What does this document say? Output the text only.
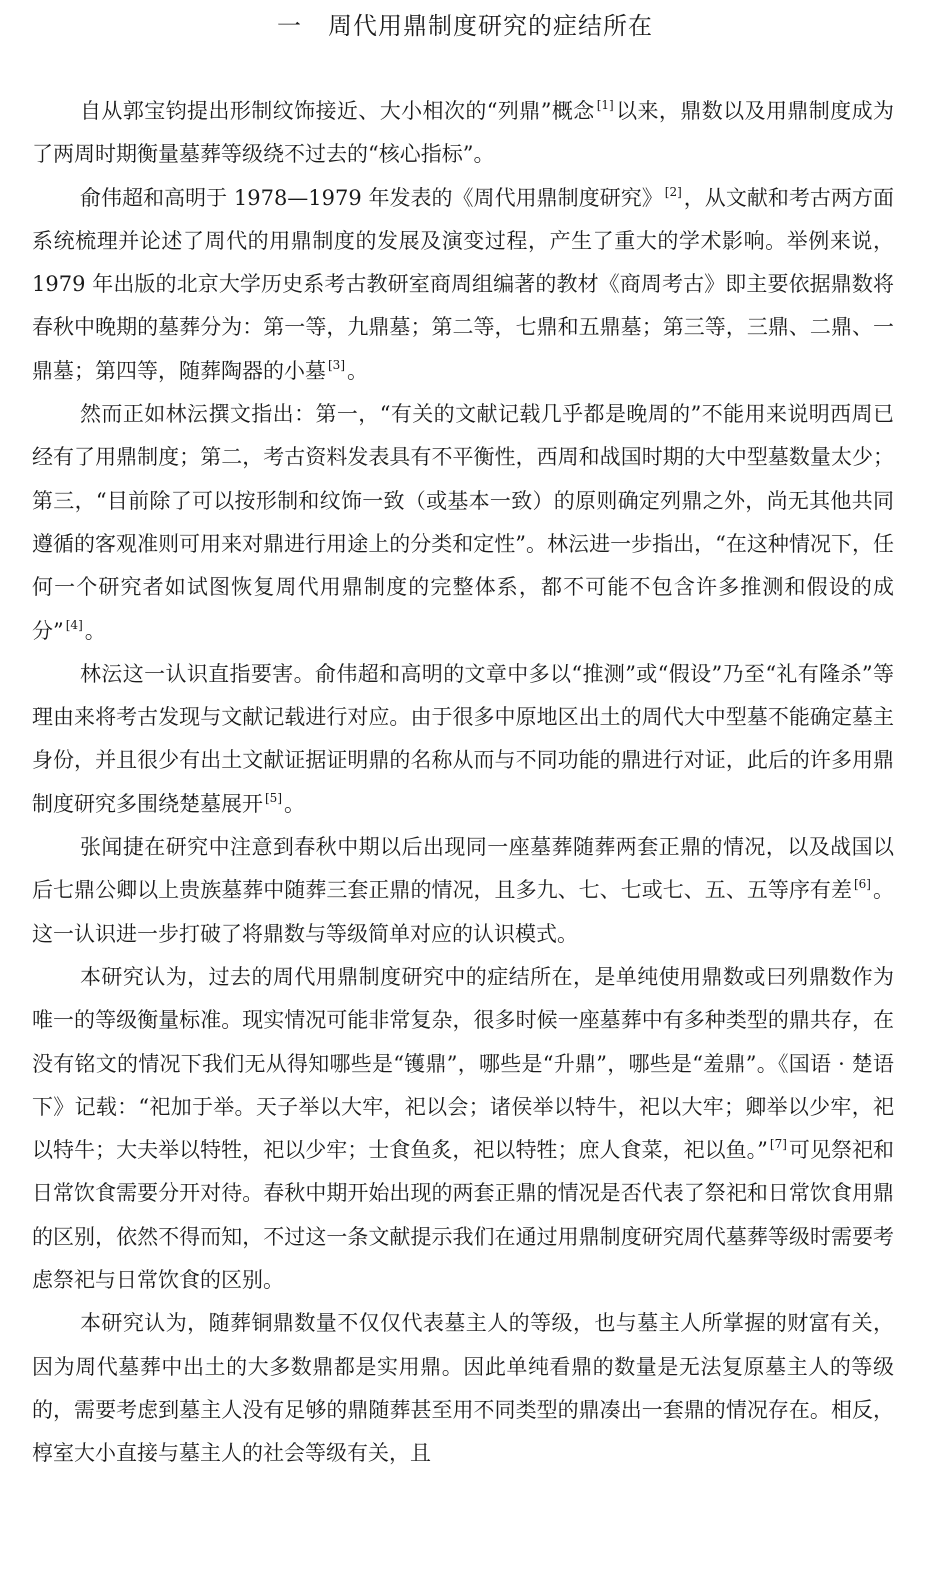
一 周代用鼎制度研究的症结所在

自从郭宝钧提出形制纹饰接近、大小相次的“列鼎”概念 [1]以来，鼎数以及用鼎制度成为了两周时期衡量墓葬等级绕不过去的“核心指标”。

俞伟超和高明于 1978—1979 年发表的《周代用鼎制度研究》 [2]，从文献和考古两方面系统梳理并论述了周代的用鼎制度的发展及演变过程，产生了重大的学术影响。举例来说，1979 年出版的北京大学历史系考古教研室商周组编著的教材《商周考古》即主要依据鼎数将春秋中晚期的墓葬分为：第一等，九鼎墓；第二等，七鼎和五鼎墓；第三等，三鼎、二鼎、一鼎墓；第四等，随葬陶器的小墓 [3]。

然而正如林沄撰文指出：第一，“有关的文献记载几乎都是晚周的”不能用来说明西周已经有了用鼎制度；第二，考古资料发表具有不平衡性，西周和战国时期的大中型墓数量太少；第三，“目前除了可以按形制和纹饰一致（或基本一致）的原则确定列鼎之外，尚无其他共同遵循的客观准则可用来对鼎进行用途上的分类和定性”。林沄进一步指出，“在这种情况下，任何一个研究者如试图恢复周代用鼎制度的完整体系，都不可能不包含许多推测和假设的成分” [4]。

林沄这一认识直指要害。俞伟超和高明的文章中多以“推测”或“假设”乃至“礼有隆杀”等理由来将考古发现与文献记载进行对应。由于很多中原地区出土的周代大中型墓不能确定墓主身份，并且很少有出土文献证据证明鼎的名称从而与不同功能的鼎进行对证，此后的许多用鼎制度研究多围绕楚墓展开 [5]。

张闻捷在研究中注意到春秋中期以后出现同一座墓葬随葬两套正鼎的情况，以及战国以后七鼎公卿以上贵族墓葬中随葬三套正鼎的情况，且多九、七、七或七、五、五等序有差 [6]。这一认识进一步打破了将鼎数与等级简单对应的认识模式。

本研究认为，过去的周代用鼎制度研究中的症结所在，是单纯使用鼎数或曰列鼎数作为唯一的等级衡量标准。现实情况可能非常复杂，很多时候一座墓葬中有多种类型的鼎共存，在没有铭文的情况下我们无从得知哪些是“镬鼎”，哪些是“升鼎”，哪些是“羞鼎”。《国语 · 楚语下》记载：“祀加于举。天子举以大牢，祀以会；诸侯举以特牛，祀以大牢；卿举以少牢，祀以特牛；大夫举以特牲，祀以少牢；士食鱼炙，祀以特牲；庶人食菜，祀以鱼。” [7]可见祭祀和日常饮食需要分开对待。春秋中期开始出现的两套正鼎的情况是否代表了祭祀和日常饮食用鼎的区别，依然不得而知，不过这一条文献提示我们在通过用鼎制度研究周代墓葬等级时需要考虑祭祀与日常饮食的区别。

本研究认为，随葬铜鼎数量不仅仅代表墓主人的等级，也与墓主人所掌握的财富有关，因为周代墓葬中出土的大多数鼎都是实用鼎。因此单纯看鼎的数量是无法复原墓主人的等级的，需要考虑到墓主人没有足够的鼎随葬甚至用不同类型的鼎凑出一套鼎的情况存在。相反，椁室大小直接与墓主人的社会等级有关，且
